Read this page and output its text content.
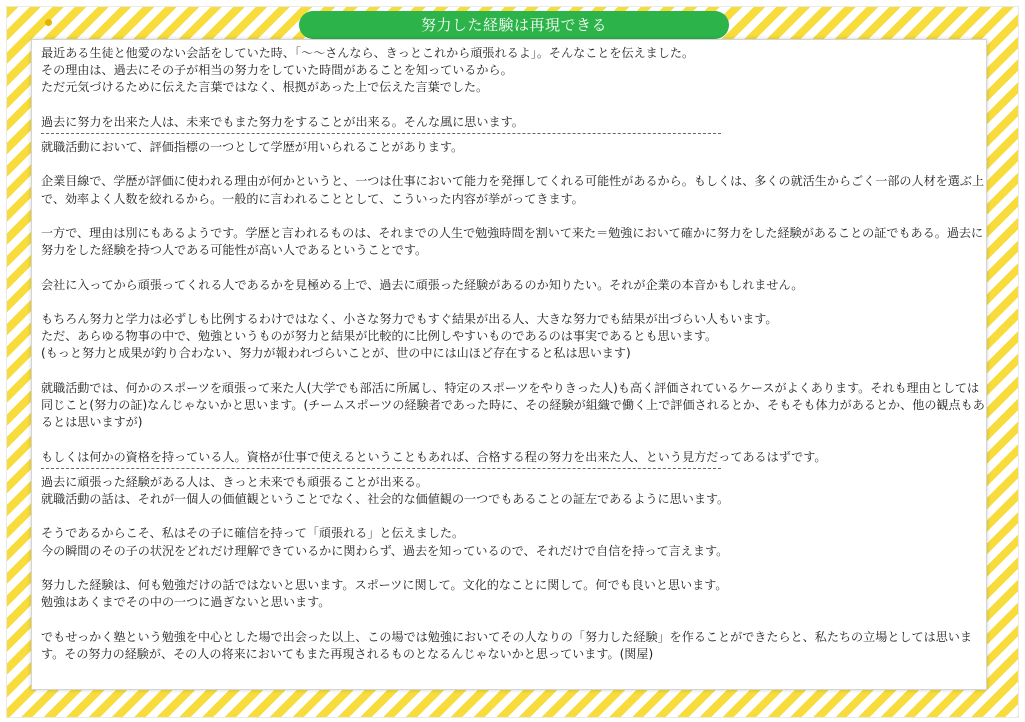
努力した経験は再現できる

最近ある生徒と他愛のない会話をしていた時、「〜〜さんなら、きっとこれから頑張れるよ」。そんなことを伝えました。
その理由は、過去にその子が相当の努力をしていた時間があることを知っているから。
ただ元気づけるために伝えた言葉ではなく、根拠があった上で伝えた言葉でした。

過去に努力を出来た人は、未来でもまた努力をすることが出来る。そんな風に思います。

就職活動において、評価指標の一つとして学歴が用いられることがあります。

企業目線で、学歴が評価に使われる理由が何かというと、一つは仕事において能力を発揮してくれる可能性があるから。もしくは、多くの就活生からごく一部の人材を選ぶ上で、効率よく人数を絞れるから。一般的に言われることとして、こういった内容が挙がってきます。

一方で、理由は別にもあるようです。学歴と言われるものは、それまでの人生で勉強時間を割いて来た＝勉強において確かに努力をした経験があることの証でもある。過去に努力をした経験を持つ人である可能性が高い人であるということです。

会社に入ってから頑張ってくれる人であるかを見極める上で、過去に頑張った経験があるのか知りたい。それが企業の本音かもしれません。

もちろん努力と学力は必ずしも比例するわけではなく、小さな努力でもすぐ結果が出る人、大きな努力でも結果が出づらい人もいます。
ただ、あらゆる物事の中で、勉強というものが努力と結果が比較的に比例しやすいものであるのは事実であるとも思います。
(もっと努力と成果が釣り合わない、努力が報われづらいことが、世の中には山ほど存在すると私は思います)

就職活動では、何かのスポーツを頑張って来た人(大学でも部活に所属し、特定のスポーツをやりきった人)も高く評価されているケースがよくあります。それも理由としては同じこと(努力の証)なんじゃないかと思います。(チームスポーツの経験者であった時に、その経験が組織で働く上で評価されるとか、そもそも体力があるとか、他の観点もあるとは思いますが)

もしくは何かの資格を持っている人。資格が仕事で使えるということもあれば、合格する程の努力を出来た人、という見方だってあるはずです。

過去に頑張った経験がある人は、きっと未来でも頑張ることが出来る。
就職活動の話は、それが一個人の価値観ということでなく、社会的な価値観の一つでもあることの証左であるように思います。

そうであるからこそ、私はその子に確信を持って「頑張れる」と伝えました。
今の瞬間のその子の状況をどれだけ理解できているかに関わらず、過去を知っているので、それだけで自信を持って言えます。

努力した経験は、何も勉強だけの話ではないと思います。スポーツに関して。文化的なことに関して。何でも良いと思います。
勉強はあくまでその中の一つに過ぎないと思います。

でもせっかく塾という勉強を中心とした場で出会った以上、この場では勉強においてその人なりの「努力した経験」を作ることができたらと、私たちの立場としては思います。その努力の経験が、その人の将来においてもまた再現されるものとなるんじゃないかと思っています。(関屋)
